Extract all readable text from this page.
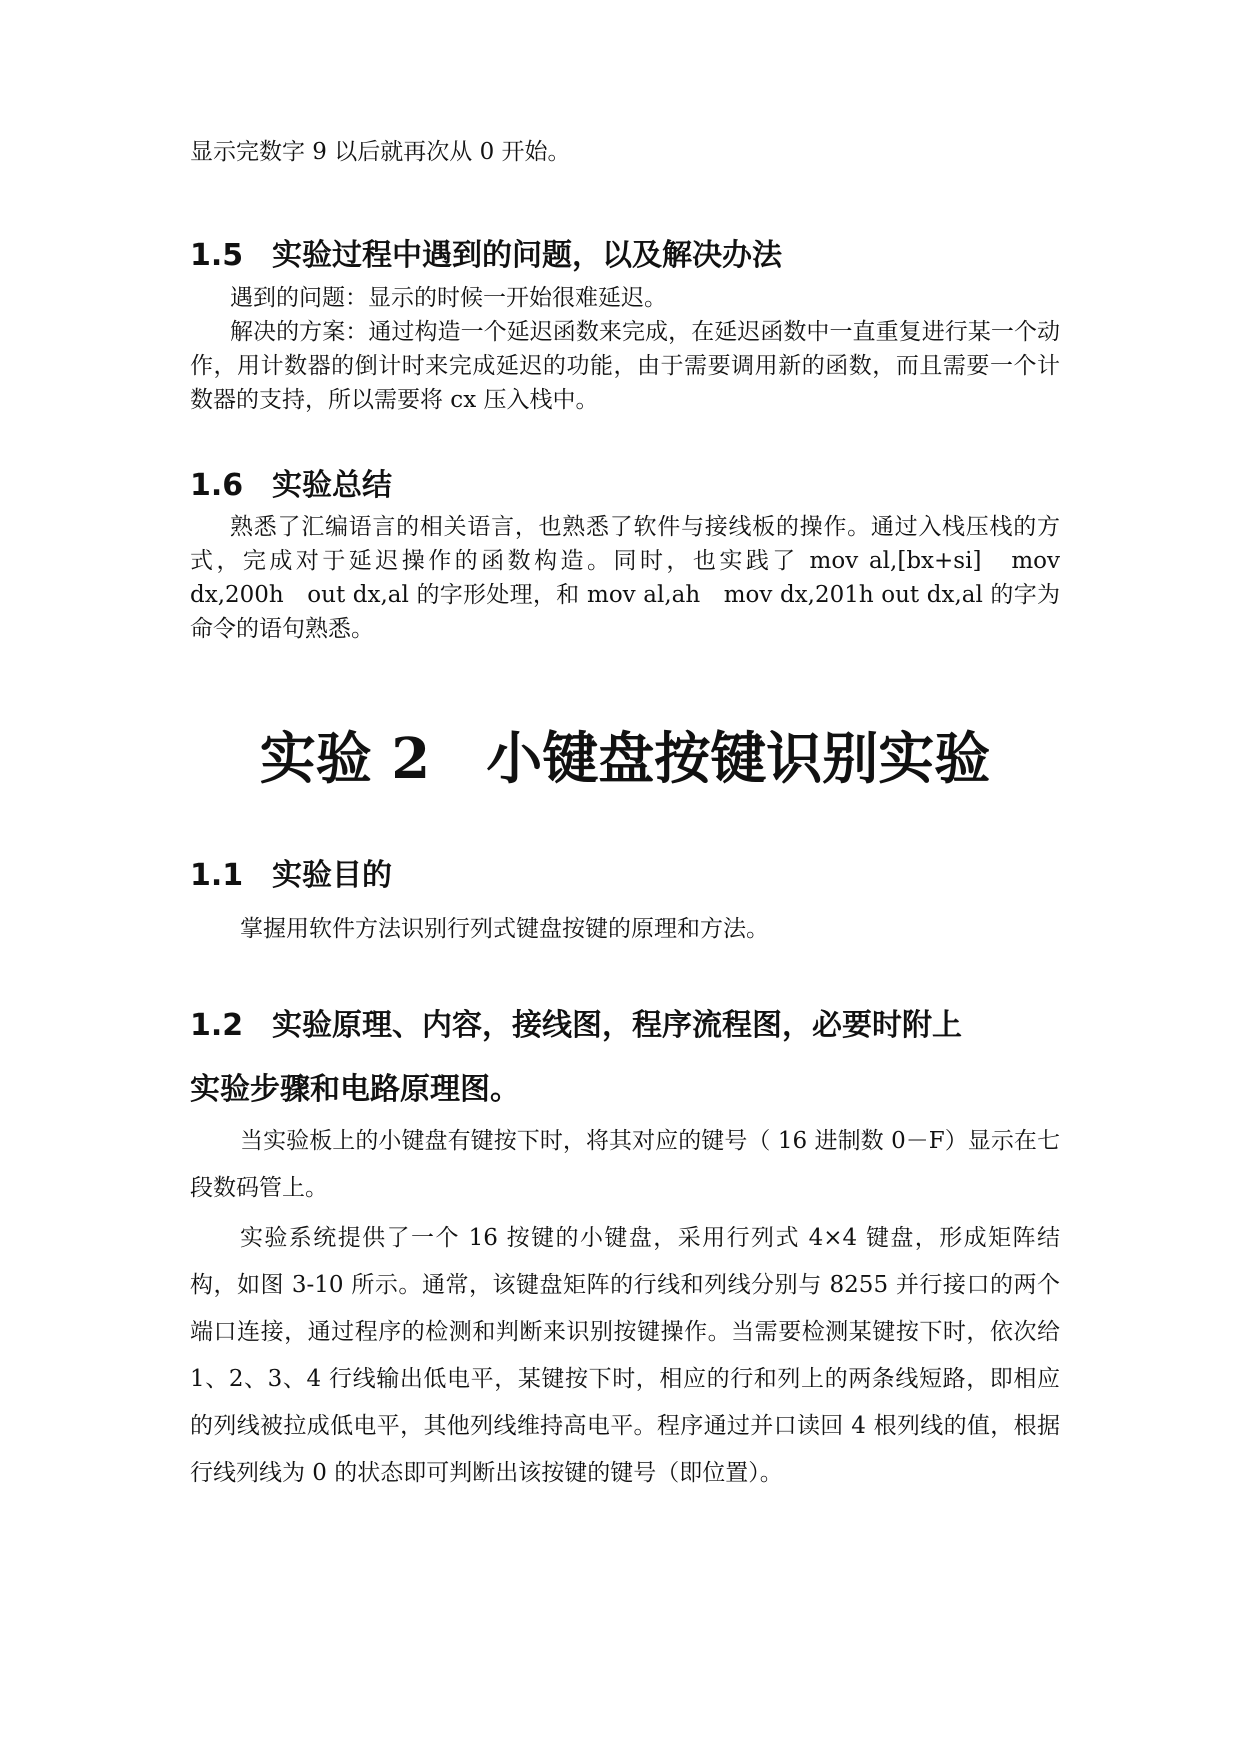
显示完数字 9 以后就再次从 0 开始。

1.5 实验过程中遇到的问题，以及解决办法

遇到的问题：显示的时候一开始很难延迟。

解决的方案：通过构造一个延迟函数来完成，在延迟函数中一直重复进行某一个动作，用计数器的倒计时来完成延迟的功能，由于需要调用新的函数，而且需要一个计数器的支持，所以需要将 cx 压入栈中。

1.6 实验总结

熟悉了汇编语言的相关语言，也熟悉了软件与接线板的操作。通过入栈压栈的方式，完成对于延迟操作的函数构造。同时，也实践了 mov al,[bx+si]　mov dx,200h　out dx,al 的字形处理，和 mov al,ah　mov dx,201h out dx,al 的字为命令的语句熟悉。

实验 2　小键盘按键识别实验
1.1 实验目的

掌握用软件方法识别行列式键盘按键的原理和方法。

1.2 实验原理、内容，接线图，程序流程图，必要时附上
实验步骤和电路原理图。

当实验板上的小键盘有键按下时，将其对应的键号（ 16 进制数 0－F）显示在七段数码管上。

实验系统提供了一个 16 按键的小键盘，采用行列式 4×4 键盘，形成矩阵结构，如图 3-10 所示。通常，该键盘矩阵的行线和列线分别与 8255 并行接口的两个端口连接，通过程序的检测和判断来识别按键操作。当需要检测某键按下时，依次给 1、2、3、4 行线输出低电平，某键按下时，相应的行和列上的两条线短路，即相应的列线被拉成低电平，其他列线维持高电平。程序通过并口读回 4 根列线的值，根据行线列线为 0 的状态即可判断出该按键的键号（即位置）。
